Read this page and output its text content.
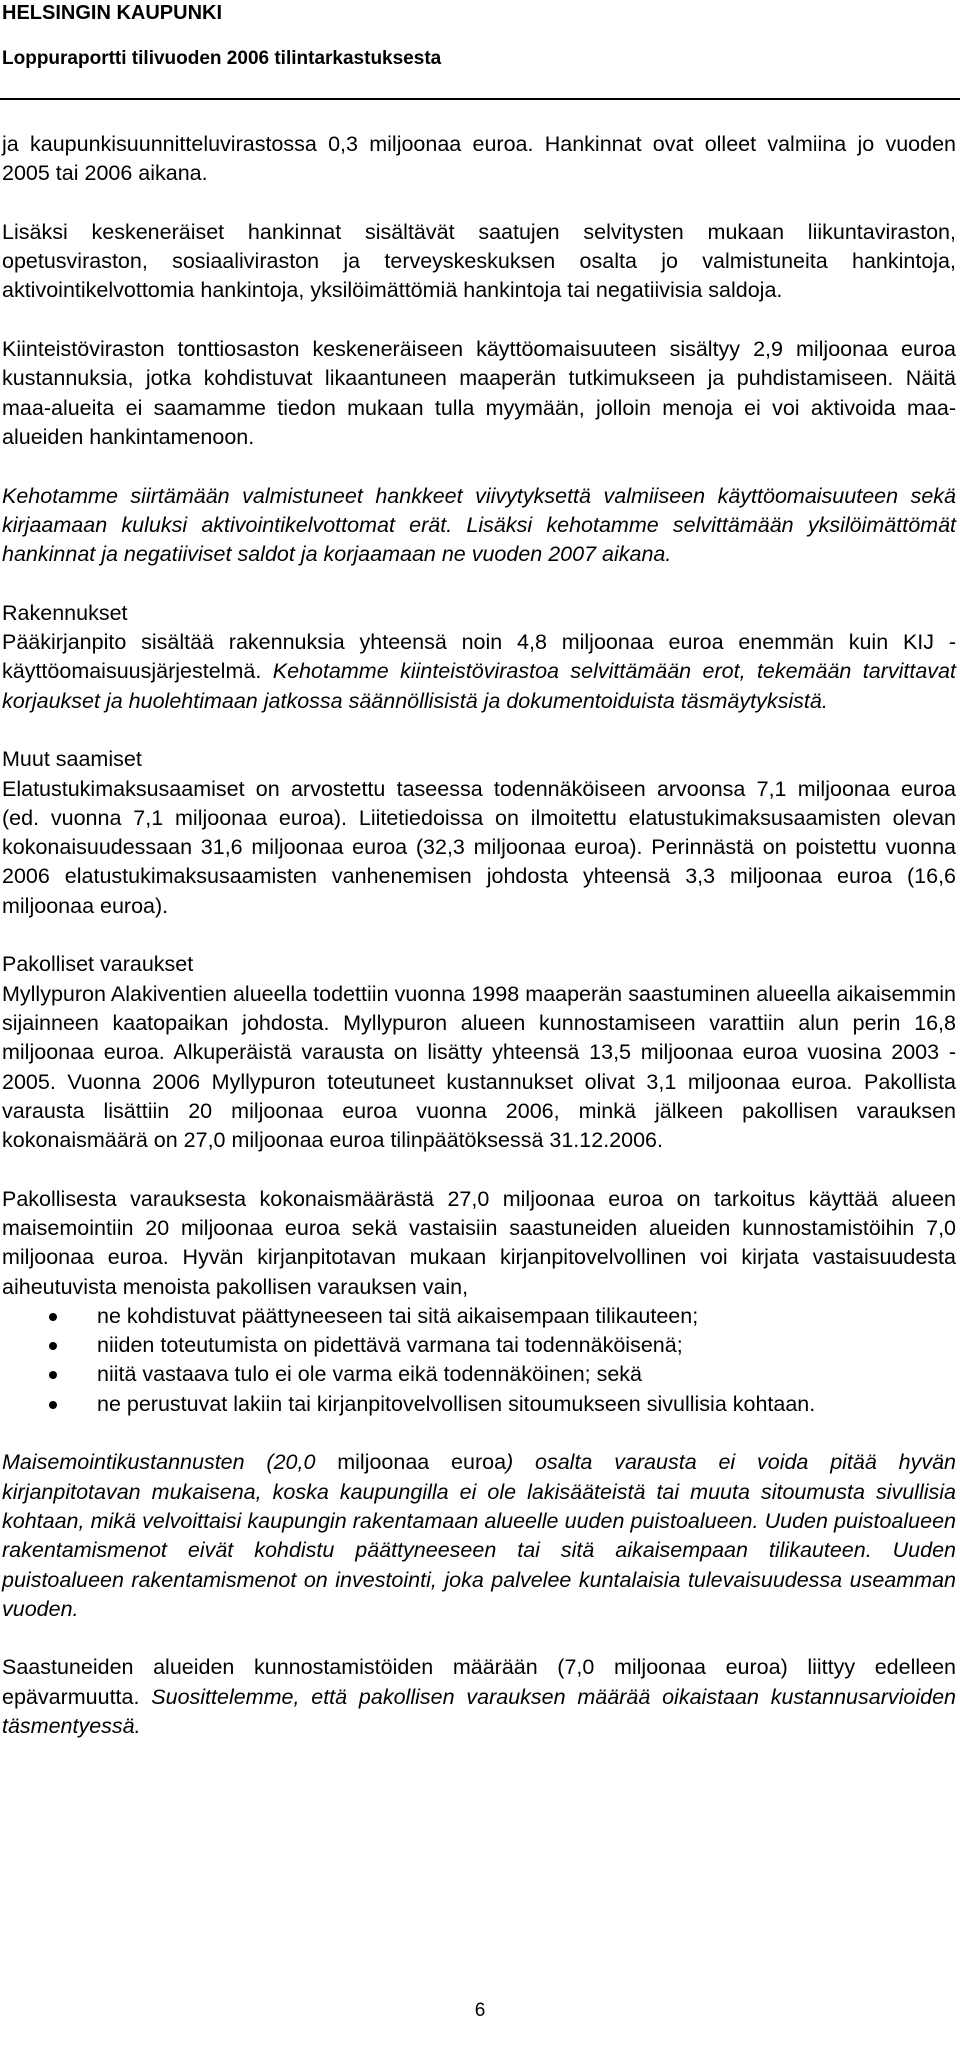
HELSINGIN KAUPUNKI
Loppuraportti tilivuoden 2006 tilintarkastuksesta

ja kaupunkisuunnitteluvirastossa 0,3 miljoonaa euroa. Hankinnat ovat olleet valmiina jo vuoden 2005 tai 2006 aikana.

Lisäksi keskeneräiset hankinnat sisältävät saatujen selvitysten mukaan liikuntaviraston, opetusviraston, sosiaaliviraston ja terveyskeskuksen osalta jo valmistuneita hankintoja, aktivointikelvottomia hankintoja, yksilöimättömiä hankintoja tai negatiivisia saldoja.

Kiinteistöviraston tonttiosaston keskeneräiseen käyttöomaisuuteen sisältyy 2,9 miljoonaa euroa kustannuksia, jotka kohdistuvat likaantuneen maaperän tutkimukseen ja puhdistamiseen. Näitä maa-alueita ei saamamme tiedon mukaan tulla myymään, jolloin menoja ei voi aktivoida maa-alueiden hankintamenoon.

Kehotamme siirtämään valmistuneet hankkeet viivytyksettä valmiiseen käyttöomaisuuteen sekä kirjaamaan kuluksi aktivointikelvottomat erät. Lisäksi kehotamme selvittämään yksilöimättömät hankinnat ja negatiiviset saldot ja korjaamaan ne vuoden 2007 aikana.

Rakennukset

Pääkirjanpito sisältää rakennuksia yhteensä noin 4,8 miljoonaa euroa enemmän kuin KIJ -käyttöomaisuusjärjestelmä. Kehotamme kiinteistövirastoa selvittämään erot, tekemään tarvittavat korjaukset ja huolehtimaan jatkossa säännöllisistä ja dokumentoiduista täsmäytyksistä.

Muut saamiset

Elatustukimaksusaamiset on arvostettu taseessa todennäköiseen arvoonsa 7,1 miljoonaa euroa (ed. vuonna 7,1 miljoonaa euroa). Liitetiedoissa on ilmoitettu elatustukimaksusaamisten olevan kokonaisuudessaan 31,6 miljoonaa euroa (32,3 miljoonaa euroa). Perinnästä on poistettu vuonna 2006 elatustukimaksusaamisten vanhenemisen johdosta yhteensä 3,3 miljoonaa euroa (16,6 miljoonaa euroa).

Pakolliset varaukset

Myllypuron Alakiventien alueella todettiin vuonna 1998 maaperän saastuminen alueella aikaisemmin sijainneen kaatopaikan johdosta. Myllypuron alueen kunnostamiseen varattiin alun perin 16,8 miljoonaa euroa. Alkuperäistä varausta on lisätty yhteensä 13,5 miljoonaa euroa vuosina 2003 - 2005. Vuonna 2006 Myllypuron toteutuneet kustannukset olivat 3,1 miljoonaa euroa. Pakollista varausta lisättiin 20 miljoonaa euroa vuonna 2006, minkä jälkeen pakollisen varauksen kokonaismäärä on 27,0 miljoonaa euroa tilinpäätöksessä 31.12.2006.

Pakollisesta varauksesta kokonaismäärästä 27,0 miljoonaa euroa on tarkoitus käyttää alueen maisemointiin 20 miljoonaa euroa sekä vastaisiin saastuneiden alueiden kunnostamistöihin 7,0 miljoonaa euroa. Hyvän kirjanpitotavan mukaan kirjanpitovelvollinen voi kirjata vastaisuudesta aiheutuvista menoista pakollisen varauksen vain,

ne kohdistuvat päättyneeseen tai sitä aikaisempaan tilikauteen;
niiden toteutumista on pidettävä varmana tai todennäköisenä;
niitä vastaava tulo ei ole varma eikä todennäköinen; sekä
ne perustuvat lakiin tai kirjanpitovelvollisen sitoumukseen sivullisia kohtaan.

Maisemointikustannusten (20,0 miljoonaa euroa) osalta varausta ei voida pitää hyvän kirjanpitotavan mukaisena, koska kaupungilla ei ole lakisääteistä tai muuta sitoumusta sivullisia kohtaan, mikä velvoittaisi kaupungin rakentamaan alueelle uuden puistoalueen. Uuden puistoalueen rakentamismenot eivät kohdistu päättyneeseen tai sitä aikaisempaan tilikauteen. Uuden puistoalueen rakentamismenot on investointi, joka palvelee kuntalaisia tulevaisuudessa useamman vuoden.

Saastuneiden alueiden kunnostamistöiden määrään (7,0 miljoonaa euroa) liittyy edelleen epävarmuutta. Suosittelemme, että pakollisen varauksen määrää oikaistaan kustannusarvioiden täsmentyessä.

6
